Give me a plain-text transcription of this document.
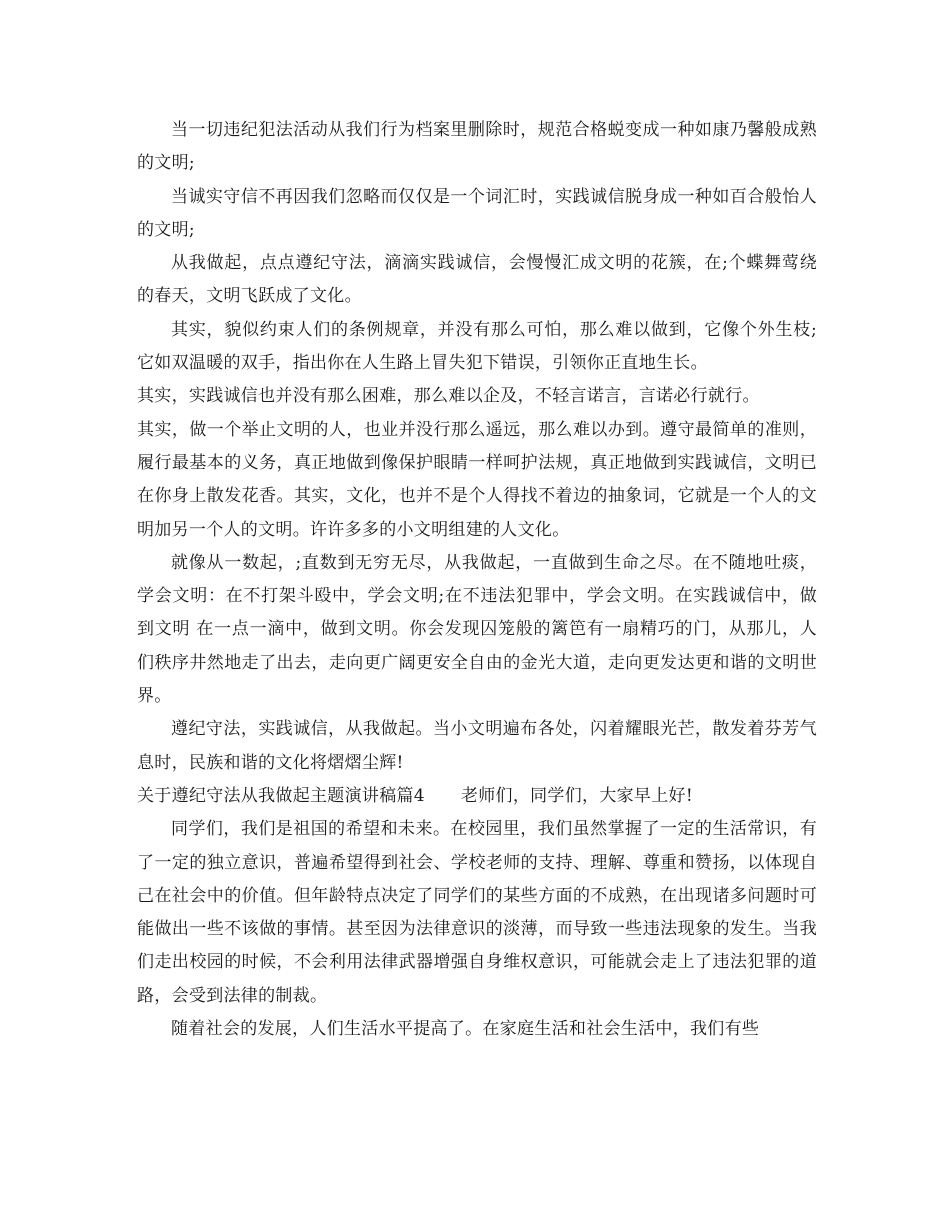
当一切违纪犯法活动从我们行为档案里删除时，规范合格蜕变成一种如康乃馨般成熟的文明;

当诚实守信不再因我们忽略而仅仅是一个词汇时，实践诚信脱身成一种如百合般怡人的文明;

从我做起，点点遵纪守法，滴滴实践诚信，会慢慢汇成文明的花簇，在;个蝶舞莺绕的春天，文明飞跃成了文化。

其实，貌似约束人们的条例规章，并没有那么可怕，那么难以做到，它像个外生枝;它如双温暖的双手，指出你在人生路上冒失犯下错误，引领你正直地生长。

其实，实践诚信也并没有那么困难，那么难以企及，不轻言诺言，言诺必行就行。

其实，做一个举止文明的人，也业并没行那么遥远，那么难以办到。遵守最简单的准则，履行最基本的义务，真正地做到像保护眼睛一样呵护法规，真正地做到实践诚信，文明已在你身上散发花香。其实，文化，也并不是个人得找不着边的抽象词，它就是一个人的文明加另一个人的文明。许许多多的小文明组建的人文化。

就像从一数起，;直数到无穷无尽，从我做起，一直做到生命之尽。在不随地吐痰，学会文明：在不打架斗殴中，学会文明;在不违法犯罪中，学会文明。在实践诚信中，做到文明 在一点一滴中，做到文明。你会发现囚笼般的篱笆有一扇精巧的门，从那儿，人们秩序井然地走了出去，走向更广阔更安全自由的金光大道，走向更发达更和谐的文明世界。

遵纪守法，实践诚信，从我做起。当小文明遍布各处，闪着耀眼光芒，散发着芬芳气息时，民族和谐的文化将熠熠尘辉!

关于遵纪守法从我做起主题演讲稿篇4 老师们，同学们，大家早上好!

同学们，我们是祖国的希望和未来。在校园里，我们虽然掌握了一定的生活常识，有了一定的独立意识，普遍希望得到社会、学校老师的支持、理解、尊重和赞扬，以体现自己在社会中的价值。但年龄特点决定了同学们的某些方面的不成熟，在出现诸多问题时可能做出一些不该做的事情。甚至因为法律意识的淡薄，而导致一些违法现象的发生。当我们走出校园的时候，不会利用法律武器增强自身维权意识，可能就会走上了违法犯罪的道路，会受到法律的制裁。

随着社会的发展，人们生活水平提高了。在家庭生活和社会生活中，我们有些
